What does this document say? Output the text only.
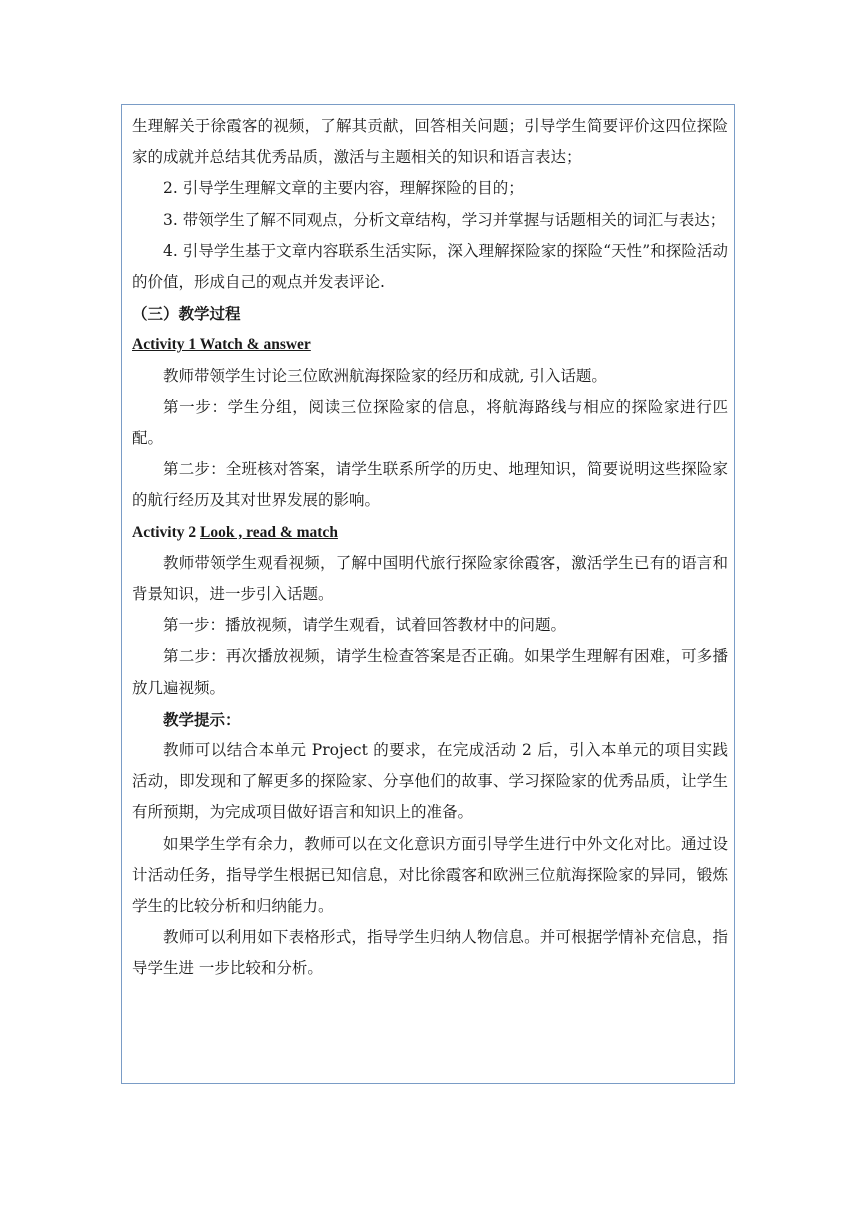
生理解关于徐霞客的视频，了解其贡献，回答相关问题；引导学生简要评价这四位探险家的成就并总结其优秀品质，激活与主题相关的知识和语言表达；

2. 引导学生理解文章的主要内容，理解探险的目的；

3. 带领学生了解不同观点，分析文章结构，学习并掌握与话题相关的词汇与表达；

4. 引导学生基于文章内容联系生活实际，深入理解探险家的探险“天性”和探险活动的价值，形成自己的观点并发表评论.

（三）教学过程

Activity 1 Watch & answer

教师带领学生讨论三位欧洲航海探险家的经历和成就, 引入话题。

第一步：学生分组，阅读三位探险家的信息，将航海路线与相应的探险家进行匹配。

第二步：全班核对答案，请学生联系所学的历史、地理知识，简要说明这些探险家的航行经历及其对世界发展的影响。

Activity 2 Look , read & match

教师带领学生观看视频，了解中国明代旅行探险家徐霞客，激活学生已有的语言和背景知识，进一步引入话题。

第一步：播放视频，请学生观看，试着回答教材中的问题。

第二步：再次播放视频，请学生检查答案是否正确。如果学生理解有困难，可多播放几遍视频。

教学提示：

教师可以结合本单元 Project 的要求，在完成活动 2 后，引入本单元的项目实践活动，即发现和了解更多的探险家、分享他们的故事、学习探险家的优秀品质，让学生有所预期，为完成项目做好语言和知识上的准备。

如果学生学有余力，教师可以在文化意识方面引导学生进行中外文化对比。通过设计活动任务，指导学生根据已知信息，对比徐霞客和欧洲三位航海探险家的异同，锻炼学生的比较分析和归纳能力。

教师可以利用如下表格形式，指导学生归纳人物信息。并可根据学情补充信息，指导学生进 一步比较和分析。
